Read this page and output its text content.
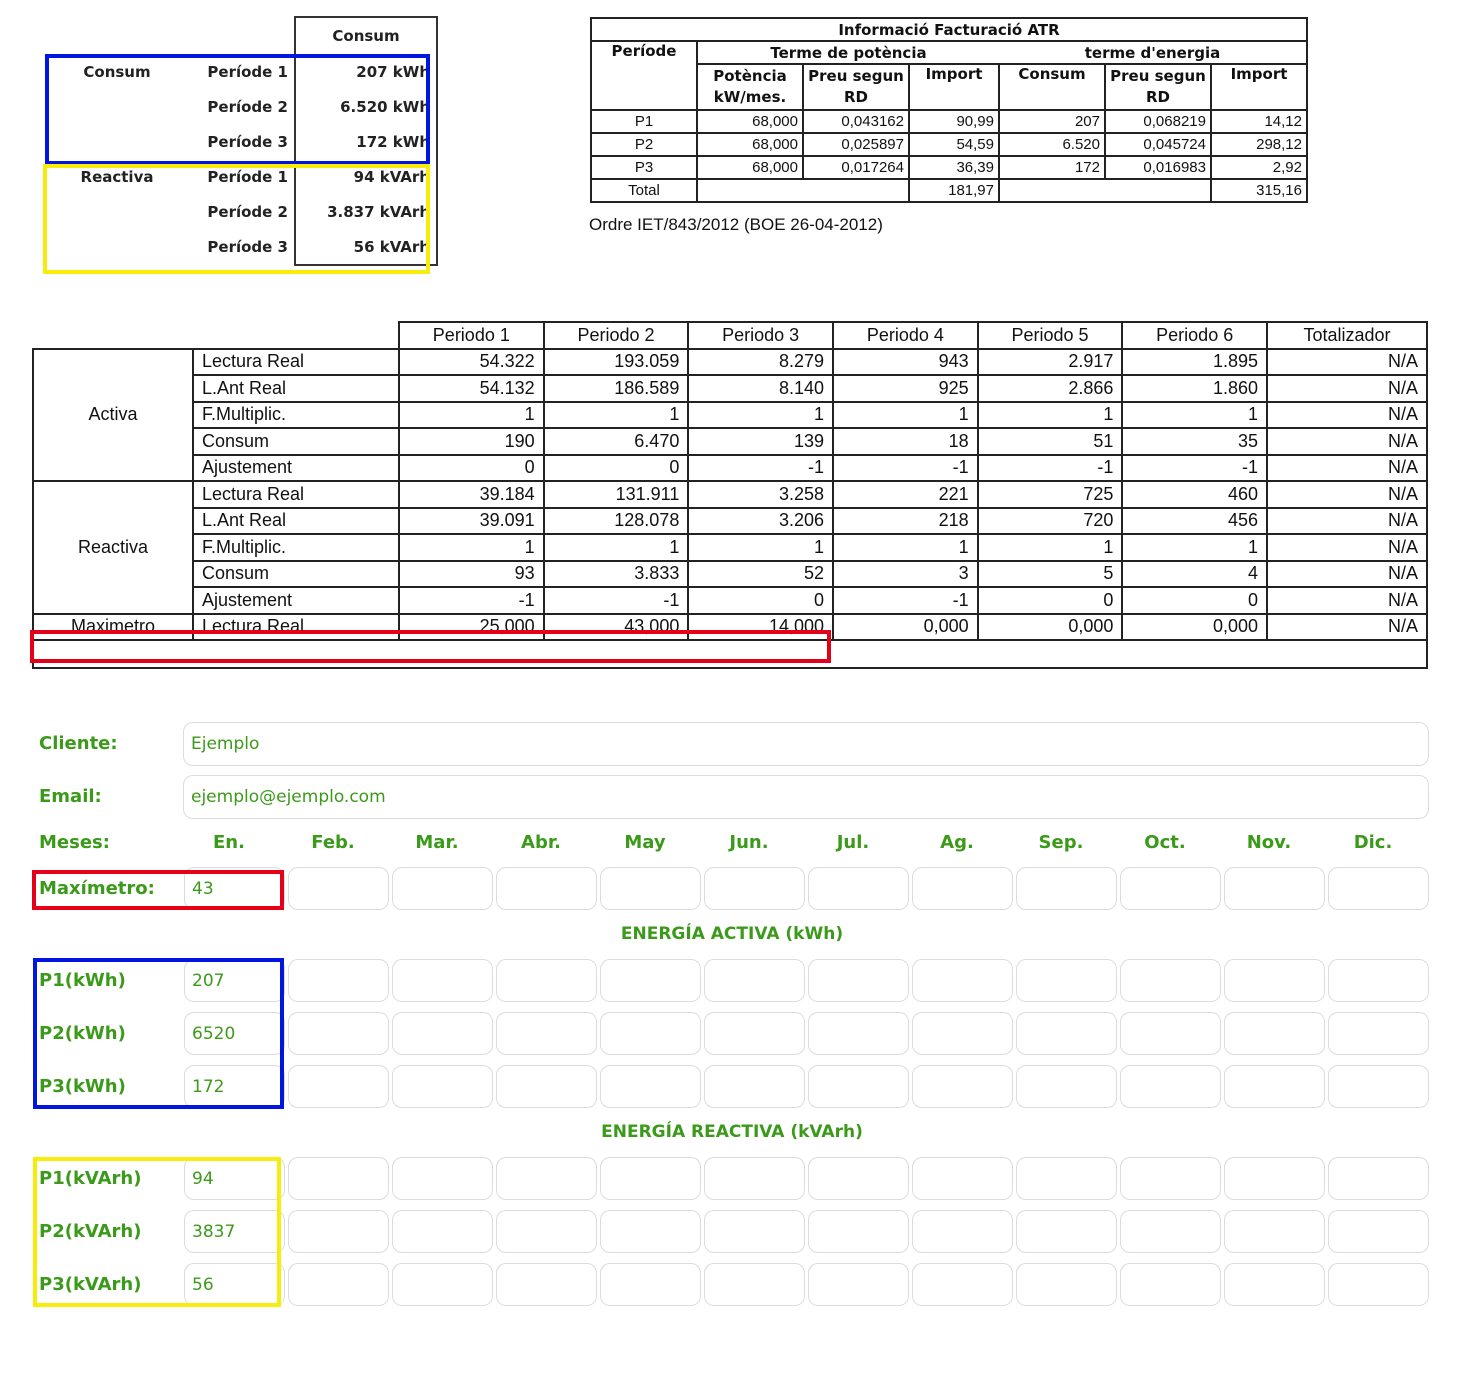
		Consum
Consum	Període 1	207 kWh
	Període 2	6.520 kWh
	Període 3	172 kWh
Reactiva	Període 1	94 kVArh
	Període 2	3.837 kVArh
	Període 3	56 kVArh
Informació Facturació ATR						
Període	Terme de potència			terme d'energia		
	Potència kW/mes.	Preu segun RD	Import	Consum	Preu segun RD	Import
P1	68,000	0,043162	90,99	207	0,068219	14,12
P2	68,000	0,025897	54,59	6.520	0,045724	298,12
P3	68,000	0,017264	36,39	172	0,016983	2,92
Total			181,97			315,16
Ordre IET/843/2012 (BOE 26-04-2012)
		Periodo 1	Periodo 2	Periodo 3	Periodo 4	Periodo 5	Periodo 6	Totalizador
Activa	Lectura Real	54.322	193.059	8.279	943	2.917	1.895	N/A
	L.Ant Real	54.132	186.589	8.140	925	2.866	1.860	N/A
	F.Multiplic.	1	1	1	1	1	1	N/A
	Consum	190	6.470	139	18	51	35	N/A
	Ajustement	0	0	-1	-1	-1	-1	N/A
Reactiva	Lectura Real	39.184	131.911	3.258	221	725	460	N/A
	L.Ant Real	39.091	128.078	3.206	218	720	456	N/A
	F.Multiplic.	1	1	1	1	1	1	N/A
	Consum	93	3.833	52	3	5	4	N/A
	Ajustement	-1	-1	0	-1	0	0	N/A
Maximetro	Lectura Real	25,000	43,000	14,000	0,000	0,000	0,000	N/A

Cliente:	Ejemplo
Email:	ejemplo@ejemplo.com
Meses:	En.	Feb.	Mar.	Abr.	May	Jun.	Jul.	Ag.	Sep.	Oct.	Nov.	Dic.
Maxímetro:	43
ENERGÍA ACTIVA (kWh)
P1(kWh)	207
P2(kWh)	6520
P3(kWh)	172
ENERGÍA REACTIVA (kVArh)
P1(kVArh)	94
P2(kVArh)	3837
P3(kVArh)	56
